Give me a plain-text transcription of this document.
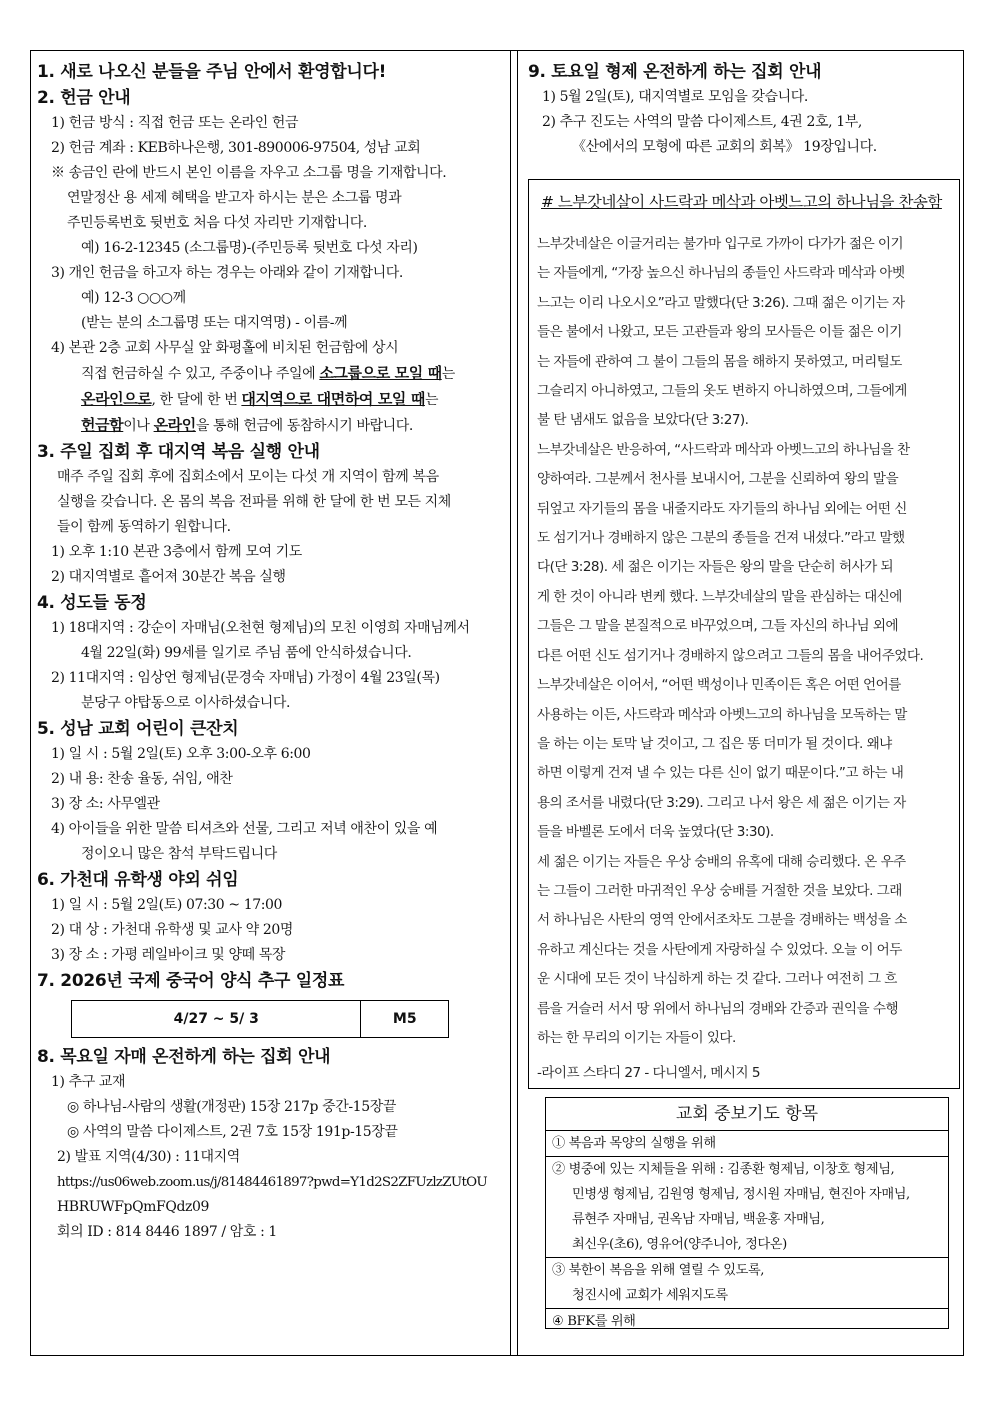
1. 새로 나오신 분들을 주님 안에서 환영합니다!

2. 헌금 안내

1) 헌금 방식 : 직접 헌금 또는 온라인 헌금

2) 헌금 계좌 : KEB하나은행, 301-890006-97504, 성남 교회

※ 송금인 란에 반드시 본인 이름을 자우고 소그룹 명을 기재합니다.

연말정산 용 세제 혜택을 받고자 하시는 분은 소그룹 명과

주민등록번호 뒷번호 처음 다섯 자리만 기재합니다.

예) 16-2-12345 (소그룹명)-(주민등록 뒷번호 다섯 자리)

3) 개인 헌금을 하고자 하는 경우는 아래와 같이 기재합니다.

예) 12-3 ○○○께

(받는 분의 소그룹명 또는 대지역명) - 이름-께

4) 본관 2층 교회 사무실 앞 화평홀에 비치된 헌금함에 상시

직접 헌금하실 수 있고, 주중이나 주일에 소그룹으로 모일 때는

온라인으로, 한 달에 한 번 대지역으로 대면하여 모일 때는

헌금함이나 온라인을 통해 헌금에 동참하시기 바랍니다.

3. 주일 집회 후 대지역 복음 실행 안내

매주 주일 집회 후에 집회소에서 모이는 다섯 개 지역이 함께 복음

실행을 갖습니다. 온 몸의 복음 전파를 위해 한 달에 한 번 모든 지체

들이 함께 동역하기 원합니다.

1) 오후 1:10 본관 3층에서 함께 모여 기도

2) 대지역별로 흩어져 30분간 복음 실행

4. 성도들 동정

1) 18대지역 : 강순이 자매님(오천현 형제님)의 모친 이영희 자매님께서

4월 22일(화) 99세를 일기로 주님 품에 안식하셨습니다.

2) 11대지역 : 임상언 형제님(문경숙 자매님) 가정이 4월 23일(목)

분당구 야탑동으로 이사하셨습니다.

5. 성남 교회 어린이 큰잔치

1) 일 시 : 5월 2일(토) 오후 3:00-오후 6:00

2) 내 용: 찬송 율동, 쉬임, 애찬

3) 장 소: 사무엘관

4) 아이들을 위한 말씀 티셔츠와 선물, 그리고 저녁 애찬이 있을 예

정이오니 많은 참석 부탁드립니다

6. 가천대 유학생 야외 쉬임

1) 일 시 : 5월 2일(토) 07:30 ~ 17:00

2) 대 상 : 가천대 유학생 및 교사 약 20명

3) 장 소 : 가평 레일바이크 및 양떼 목장

7. 2026년 국제 중국어 양식 추구 일정표

4/27 ~ 5/ 3	M5

8. 목요일 자매 온전하게 하는 집회 안내

1) 추구 교재

◎ 하나님-사람의 생활(개정판) 15장 217p 중간-15장끝

◎ 사역의 말씀 다이제스트, 2권 7호 15장 191p-15장끝

2) 발표 지역(4/30) : 11대지역

https://us06web.zoom.us/j/81484461897?pwd=Y1d2S2ZFUzlzZUtOU

HBRUWFpQmFQdz09

회의 ID : 814 8446 1897 / 암호 : 1

9. 토요일 형제 온전하게 하는 집회 안내

1) 5월 2일(토), 대지역별로 모임을 갖습니다.

2) 추구 진도는 사역의 말씀 다이제스트, 4권 2호, 1부,

《산에서의 모형에 따른 교회의 회복》 19장입니다.

# 느부갓네살이 사드락과 메삭과 아벳느고의 하나님을 찬송함
느부갓네살은 이글거리는 불가마 입구로 가까이 다가가 젊은 이기
는 자들에게, “가장 높으신 하나님의 종들인 사드락과 메삭과 아벳
느고는 이리 나오시오”라고 말했다(단 3:26). 그때 젊은 이기는 자
들은 불에서 나왔고, 모든 고관들과 왕의 모사들은 이들 젊은 이기
는 자들에 관하여 그 불이 그들의 몸을 해하지 못하였고, 머리털도
그슬리지 아니하였고, 그들의 옷도 변하지 아니하였으며, 그들에게
불 탄 냄새도 없음을 보았다(단 3:27).
느부갓네살은 반응하여, “사드락과 메삭과 아벳느고의 하나님을 찬
양하여라. 그분께서 천사를 보내시어, 그분을 신뢰하여 왕의 말을
뒤엎고 자기들의 몸을 내줄지라도 자기들의 하나님 외에는 어떤 신
도 섬기거나 경배하지 않은 그분의 종들을 건져 내셨다.”라고 말했
다(단 3:28). 세 젊은 이기는 자들은 왕의 말을 단순히 허사가 되
게 한 것이 아니라 변케 했다. 느부갓네살의 말을 관심하는 대신에
그들은 그 말을 본질적으로 바꾸었으며, 그들 자신의 하나님 외에
다른 어떤 신도 섬기거나 경배하지 않으려고 그들의 몸을 내어주었다.
느부갓네살은 이어서, “어떤 백성이나 민족이든 혹은 어떤 언어를
사용하는 이든, 사드락과 메삭과 아벳느고의 하나님을 모독하는 말
을 하는 이는 토막 날 것이고, 그 집은 똥 더미가 될 것이다. 왜냐
하면 이렇게 건져 낼 수 있는 다른 신이 없기 때문이다.”고 하는 내
용의 조서를 내렸다(단 3:29). 그리고 나서 왕은 세 젊은 이기는 자
들을 바벨론 도에서 더욱 높였다(단 3:30).
세 젊은 이기는 자들은 우상 숭배의 유혹에 대해 승리했다. 온 우주
는 그들이 그러한 마귀적인 우상 숭배를 거절한 것을 보았다. 그래
서 하나님은 사탄의 영역 안에서조차도 그분을 경배하는 백성을 소
유하고 계신다는 것을 사탄에게 자랑하실 수 있었다. 오늘 이 어두
운 시대에 모든 것이 낙심하게 하는 것 같다. 그러나 여전히 그 흐
름을 거슬러 서서 땅 위에서 하나님의 경배와 간증과 권익을 수행
하는 한 무리의 이기는 자들이 있다.
-라이프 스타디 27 - 다니엘서, 메시지 5
교회 중보기도 항목
① 복음과 목양의 실행을 위해
② 병중에 있는 지체들을 위해 : 김종환 형제님, 이창호 형제님,
민병생 형제님, 김원영 형제님, 정시원 자매님, 현진아 자매님,
류현주 자매님, 권옥남 자매님, 백윤홍 자매님,
최신우(초6), 영유어(양주니아, 정다온)
③ 북한이 복음을 위해 열릴 수 있도록,
청진시에 교회가 세워지도록
④ BFK를 위해
